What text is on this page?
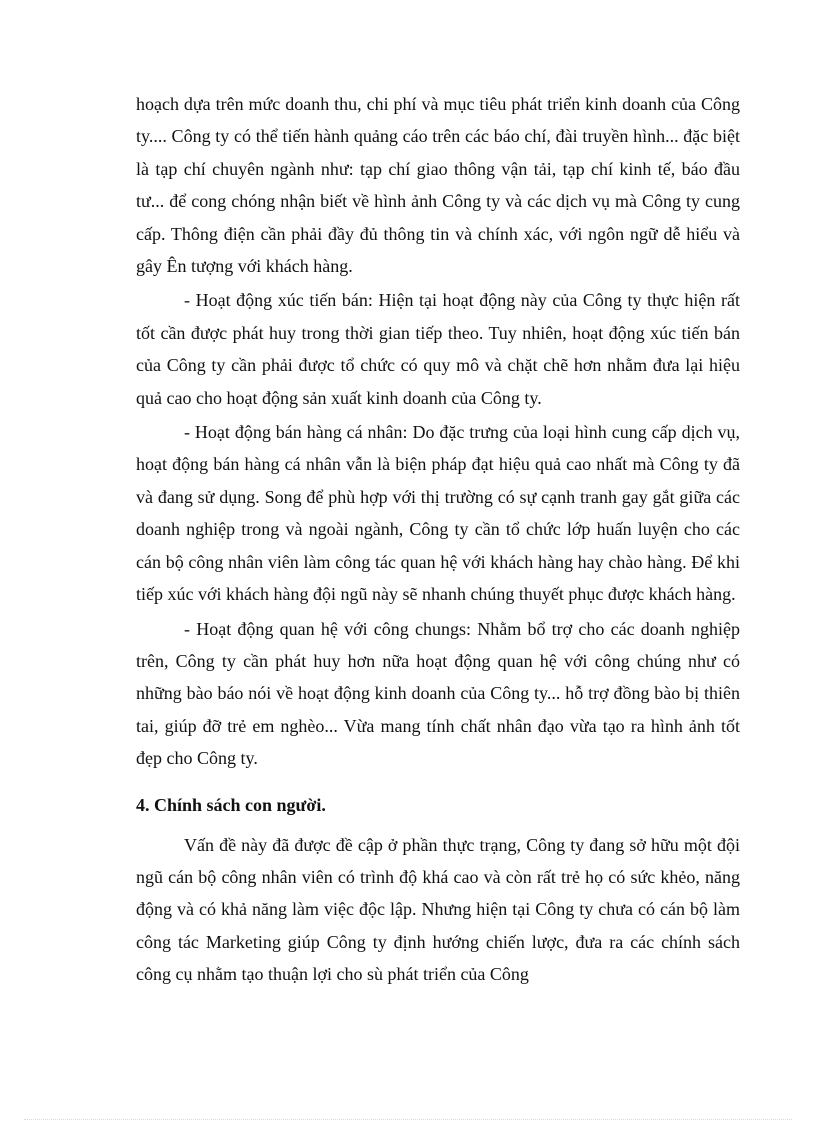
hoạch dựa trên mức doanh thu, chi phí và mục tiêu phát triển kinh doanh của Công ty.... Công ty có thể tiến hành quảng cáo trên các báo chí, đài truyền hình... đặc biệt là tạp chí chuyên ngành như: tạp chí giao thông vận tải, tạp chí kinh tế, báo đầu tư... để cong chóng nhận biết về hình ảnh Công ty và các dịch vụ mà Công ty cung cấp. Thông điện cần phải đầy đủ thông tin và chính xác, với ngôn ngữ dễ hiểu và gây Ên tượng với khách hàng.

- Hoạt động xúc tiến bán: Hiện tại hoạt động này của Công ty thực hiện rất tốt cần được phát huy trong thời gian tiếp theo. Tuy nhiên, hoạt động xúc tiến bán của Công ty cần phải được tổ chức có quy mô và chặt chẽ hơn nhằm đưa lại hiệu quả cao cho hoạt động sản xuất kinh doanh của Công ty.

- Hoạt động bán hàng cá nhân: Do đặc trưng của loại hình cung cấp dịch vụ, hoạt động bán hàng cá nhân vẫn là biện pháp đạt hiệu quả cao nhất mà Công ty đã và đang sử dụng. Song để phù hợp với thị trường có sự cạnh tranh gay gắt giữa các doanh nghiệp trong và ngoài ngành, Công ty cần tổ chức lớp huấn luyện cho các cán bộ công nhân viên làm công tác quan hệ với khách hàng hay chào hàng. Để khi tiếp xúc với khách hàng đội ngũ này sẽ nhanh chúng thuyết phục được khách hàng.

- Hoạt động quan hệ với công chungs: Nhằm bổ trợ cho các doanh nghiệp trên, Công ty cần phát huy hơn nữa hoạt động quan hệ với công chúng như có những bào báo nói về hoạt động kinh doanh của Công ty... hỗ trợ đồng bào bị thiên tai, giúp đỡ trẻ em nghèo... Vừa mang tính chất nhân đạo vừa tạo ra hình ảnh tốt đẹp cho Công ty.

4. Chính sách con người.

Vấn đề này đã được đề cập ở phần thực trạng, Công ty đang sở hữu một đội ngũ cán bộ công nhân viên có trình độ khá cao và còn rất trẻ họ có sức khẻo, năng động và có khả năng làm việc độc lập. Nhưng hiện tại Công ty chưa có cán bộ làm công tác Marketing giúp Công ty định hướng chiến lược, đưa ra các chính sách công cụ nhằm tạo thuận lợi cho sù phát triển của Công
